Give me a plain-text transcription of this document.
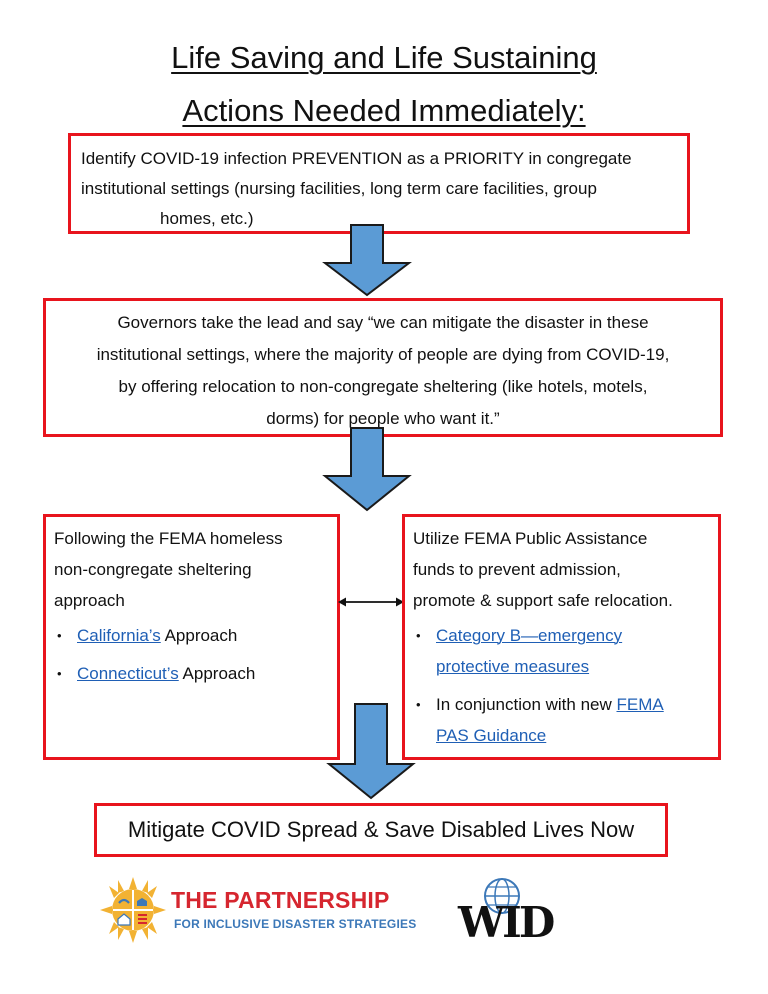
Life Saving and Life Sustaining
Actions Needed Immediately:
Identify COVID-19 infection PREVENTION as a PRIORITY in congregate
institutional settings (nursing facilities, long term care facilities, group
homes, etc.)
Governors take the lead and say “we can mitigate the disaster in these
institutional settings, where the majority of people are dying from COVID-19,
by offering relocation to non-congregate sheltering (like hotels, motels,
dorms) for people who want it.”
Following the FEMA homeless
non-congregate sheltering
approach
• California’s Approach
• Connecticut’s Approach
Utilize FEMA Public Assistance
funds to prevent admission,
promote & support safe relocation.
• Category B—emergency
protective measures
• In conjunction with new FEMA
PAS Guidance
Mitigate COVID Spread & Save Disabled Lives Now
THE PARTNERSHIP
FOR INCLUSIVE DISASTER STRATEGIES WID
